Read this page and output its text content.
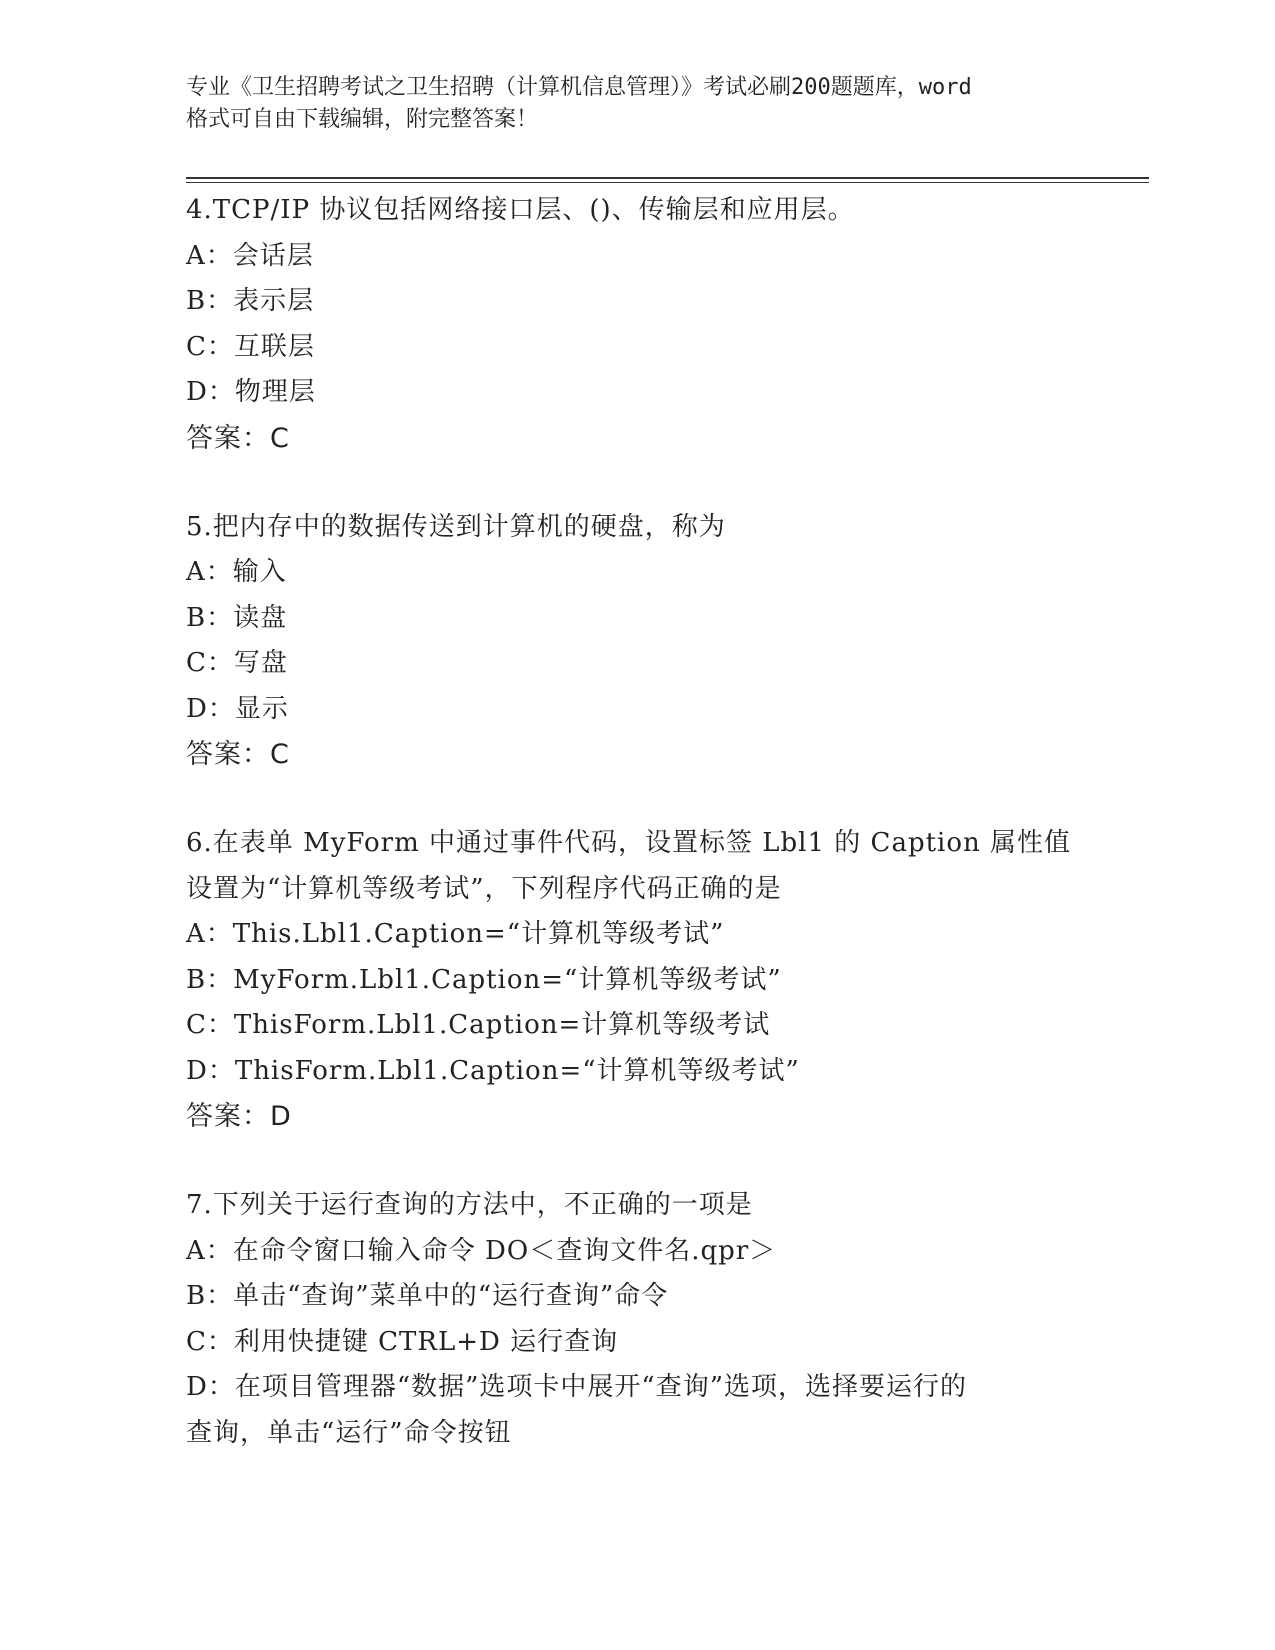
专业《卫生招聘考试之卫生招聘（计算机信息管理）》考试必刷200题题库，word
格式可自由下载编辑，附完整答案！
4.TCP/IP 协议包括网络接口层、()、传输层和应用层。
A：会话层
B：表示层
C：互联层
D：物理层
答案：C
5.把内存中的数据传送到计算机的硬盘，称为
A：输入
B：读盘
C：写盘
D：显示
答案：C
6.在表单 MyForm 中通过事件代码，设置标签 Lbl1 的 Caption 属性值
设置为“计算机等级考试”，下列程序代码正确的是
A：This.Lbl1.Caption=“计算机等级考试”
B：MyForm.Lbl1.Caption=“计算机等级考试”
C：ThisForm.Lbl1.Caption=计算机等级考试
D：ThisForm.Lbl1.Caption=“计算机等级考试”
答案：D
7.下列关于运行查询的方法中，不正确的一项是
A：在命令窗口输入命令 DO＜查询文件名.qpr＞
B：单击“查询”菜单中的“运行查询”命令
C：利用快捷键 CTRL+D 运行查询
D：在项目管理器“数据”选项卡中展开“查询”选项，选择要运行的
查询，单击“运行”命令按钮
